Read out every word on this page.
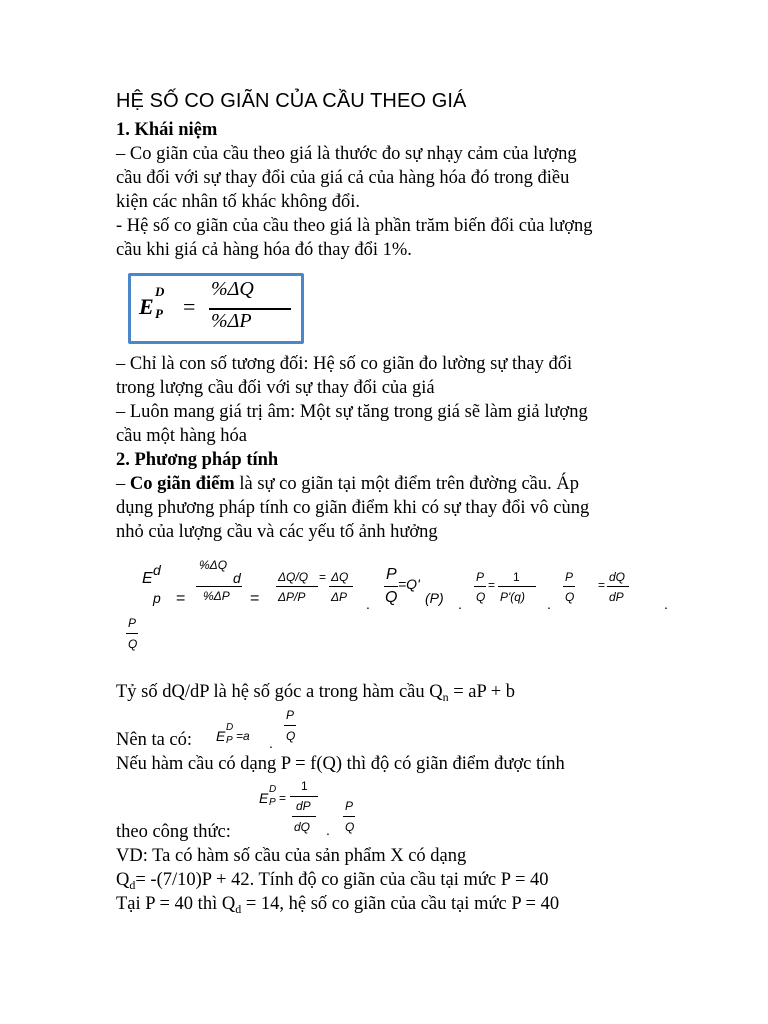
HỆ SỐ CO GIÃN CỦA CẦU THEO GIÁ
1. Khái niệm
– Co giãn của cầu theo giá là thước đo sự nhạy cảm của lượng
cầu đối với sự thay đổi của giá cả của hàng hóa đó trong điều
kiện các nhân tố khác không đổi.
- Hệ số co giãn của cầu theo giá là phần trăm biến đổi của lượng
cầu khi giá cả hàng hóa đó thay đổi 1%.
E
D
P =
%ΔQ
%ΔP
– Chỉ là con số tương đối: Hệ số co giãn đo lường sự thay đổi
trong lượng cầu đối với sự thay đổi của giá
– Luôn mang giá trị âm: Một sự tăng trong giá sẽ làm giả lượng
cầu một hàng hóa
2. Phương pháp tính
– Co giãn điểm là sự co giãn tại một điểm trên đường cầu. Áp
dụng phương pháp tính co giãn điểm khi có sự thay đổi vô cùng
nhỏ của lượng cầu và các yếu tố ảnh hưởng
E d
p =
%ΔQ
d
%ΔP =
ΔQ/Q
ΔP/P
= ΔQ
ΔP .
P
Q
=Q'
(P) .
P
Q
=
1
P'(q) .
P
Q
=
dQ
dP	.
P
Q
Tỷ số dQ/dP là hệ số góc a trong hàm cầu $Q_n$ = aP + b
Nên ta có: E
D
P =a .
P
Q
Nếu hàm cầu có dạng P = f(Q) thì độ có giãn điểm được tính
E
D
P =
1
dP
dQ .
P
Q
theo công thức:
VD: Ta có hàm số cầu của sản phẩm X có dạng
$Q_d= -(7/10)P + 42$. Tính độ co giãn của cầu tại mức P = 40
Tại P = 40 thì $Q_d = 14$, hệ số co giãn của cầu tại mức P = 40
